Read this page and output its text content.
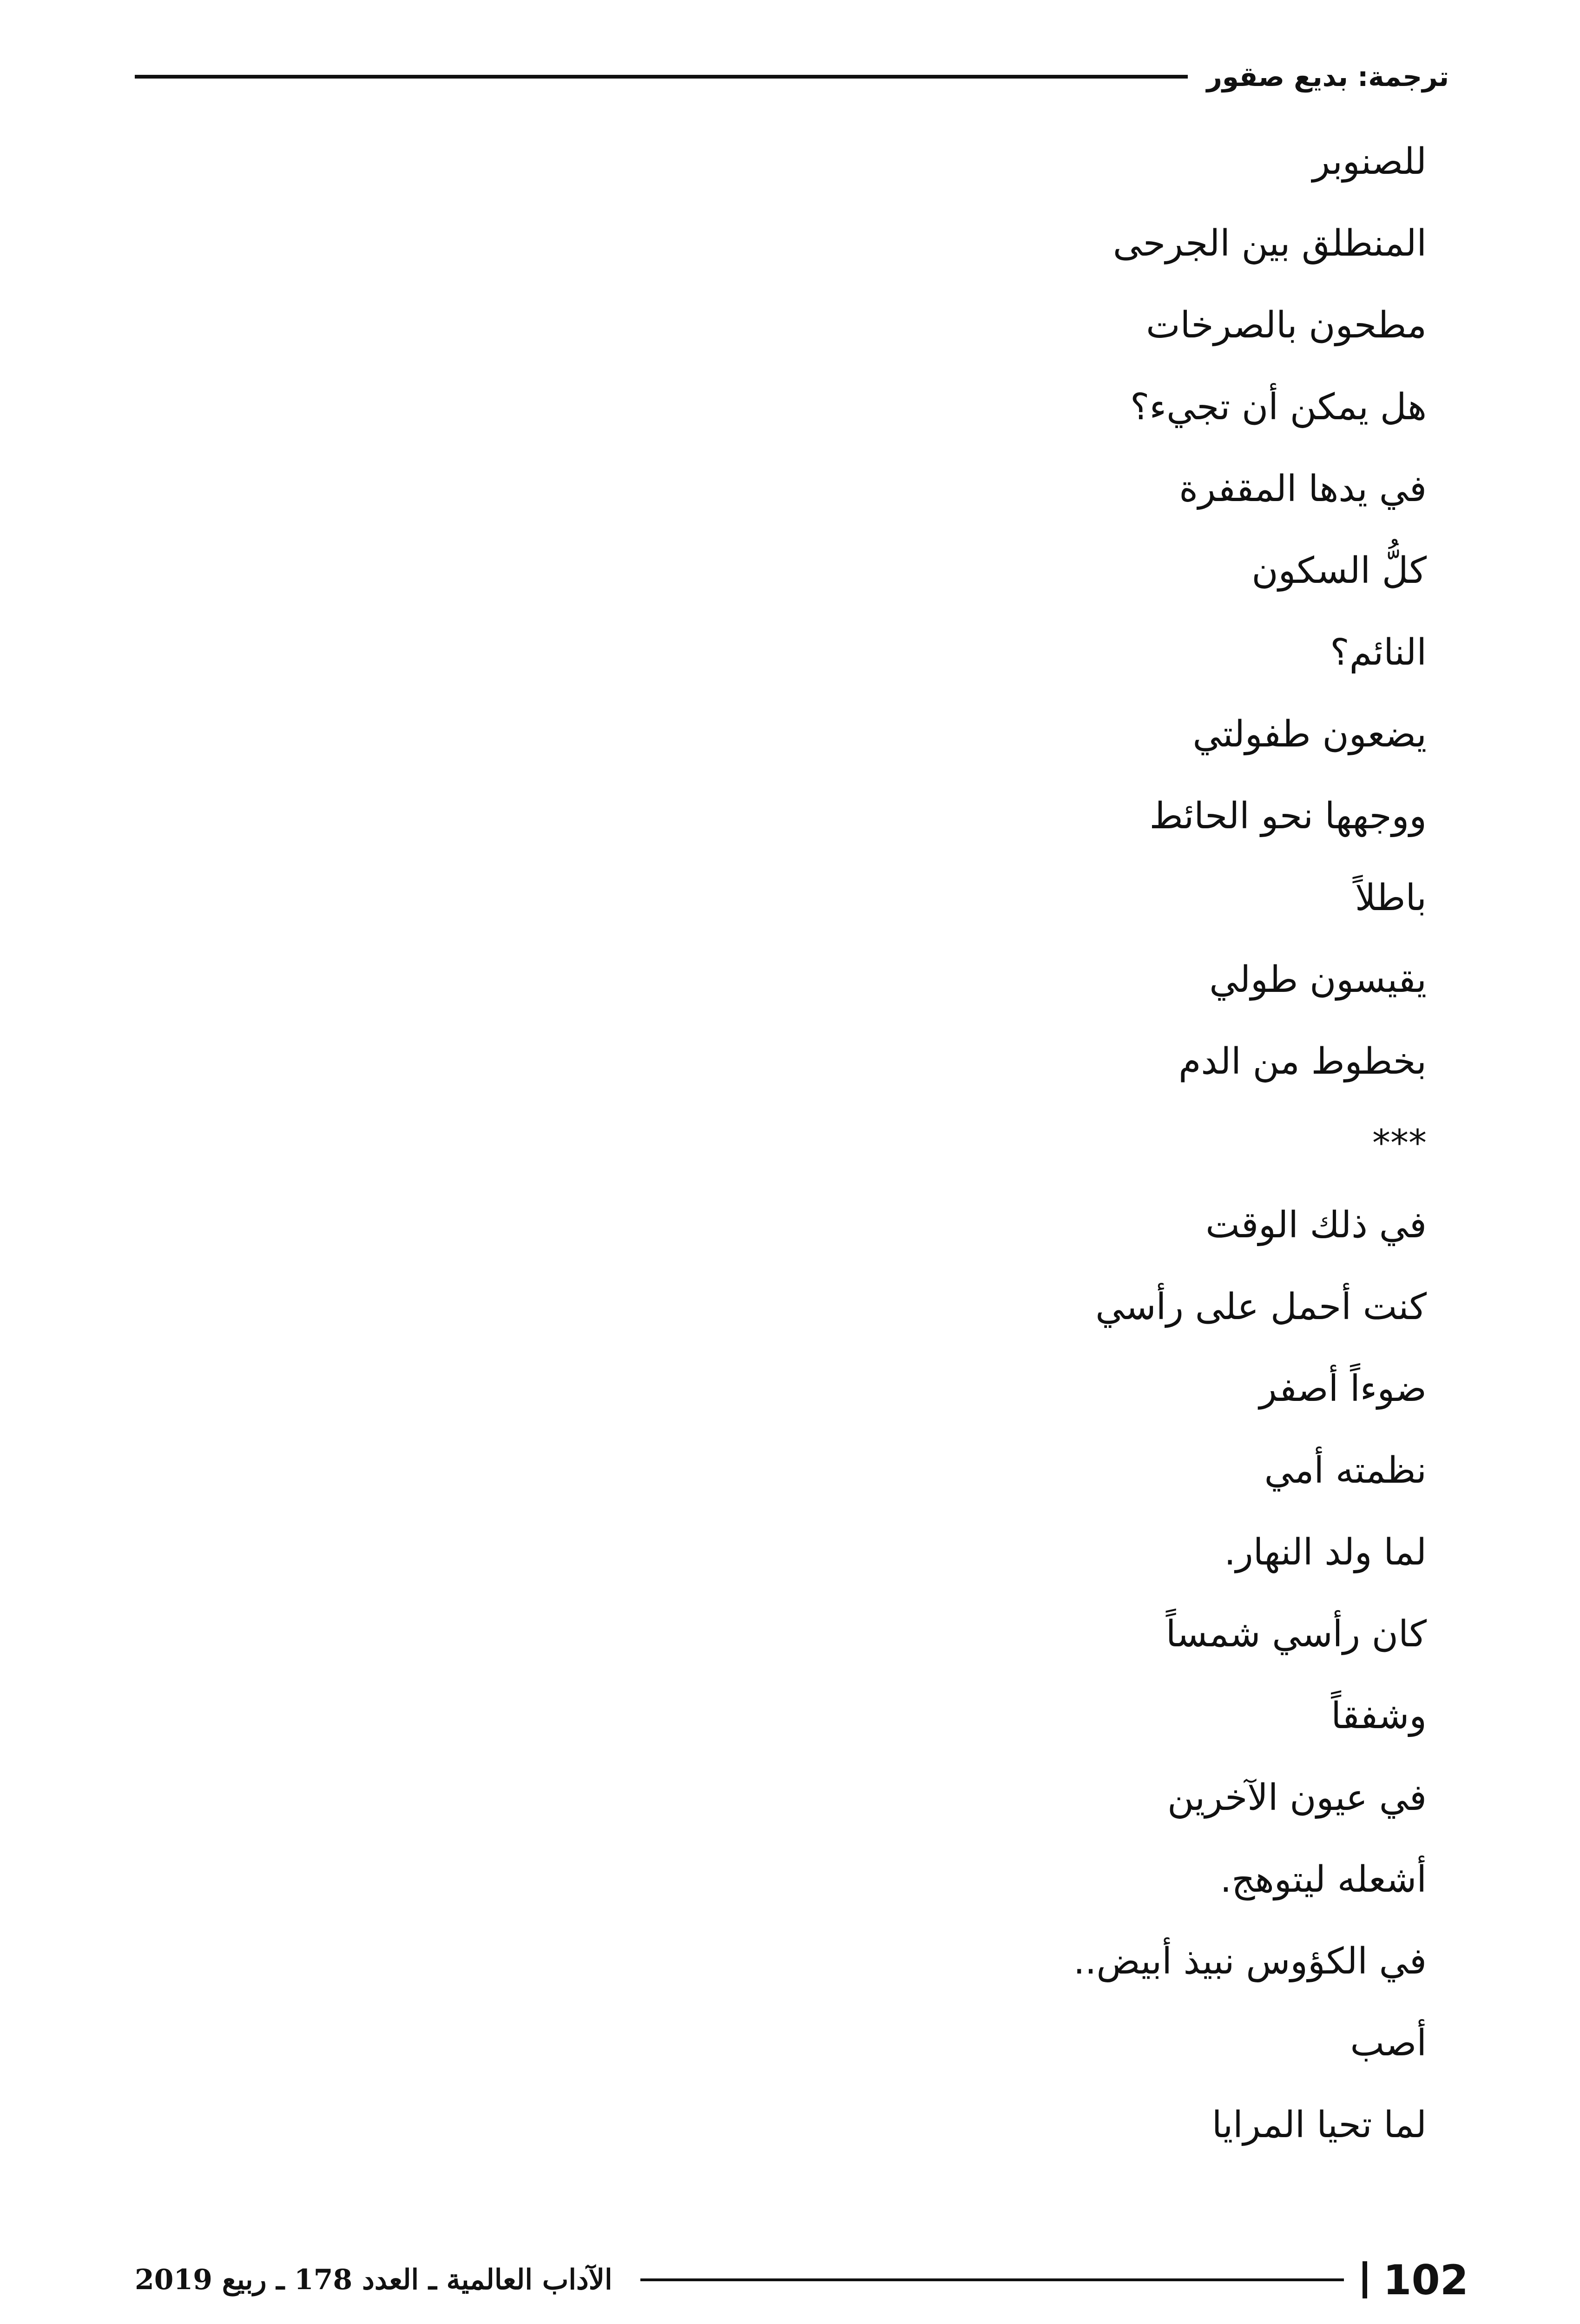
ترجمة: بديع صقور
للصنوبر
المنطلق بين الجرحى
مطحون بالصرخات
هل يمكن أن تجيء؟
في يدها المقفرة
كلُّ السكون
النائم؟
يضعون طفولتي
ووجهها نحو الحائط
باطلاً
يقيسون طولي
بخطوط من الدم
***
في ذلك الوقت
كنت أحمل على رأسي
ضوءاً أصفر
نظمته أمي
لما ولد النهار.
كان رأسي شمساً
وشفقاً
في عيون الآخرين
أشعله ليتوهج.
في الكؤوس نبيذ أبيض..
أصب
لما تحيا المرايا
الآداب العالمية ـ العدد 178 ـ ربيع 2019	102
